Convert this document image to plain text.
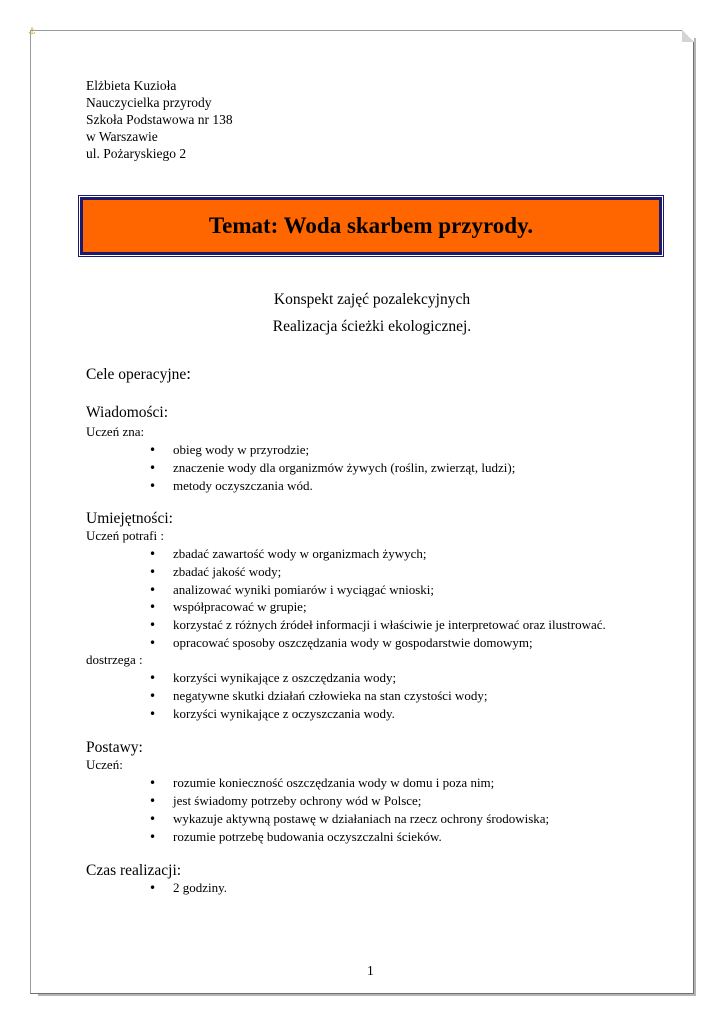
⚓
Elżbieta Kuzioła
Nauczycielka przyrody
Szkoła Podstawowa nr 138
w Warszawie
ul. Pożaryskiego 2
Temat: Woda skarbem przyrody.
Konspekt zajęć pozalekcyjnych
Realizacja ścieżki ekologicznej.
Cele operacyjne:
Wiadomości:
Uczeń zna:
• obieg wody w przyrodzie;
• znaczenie wody dla organizmów żywych (roślin, zwierząt, ludzi);
• metody oczyszczania wód.
Umiejętności:
Uczeń potrafi :
• zbadać zawartość wody w organizmach żywych;
• zbadać jakość wody;
• analizować wyniki pomiarów i wyciągać wnioski;
• współpracować w grupie;
• korzystać z różnych źródeł informacji i właściwie je interpretować oraz ilustrować.
• opracować sposoby oszczędzania wody w gospodarstwie domowym;
dostrzega :
• korzyści wynikające z oszczędzania wody;
• negatywne skutki działań człowieka na stan czystości wody;
• korzyści wynikające z oczyszczania wody.
Postawy:
Uczeń:
• rozumie konieczność oszczędzania wody w domu i poza nim;
• jest świadomy potrzeby ochrony wód w Polsce;
• wykazuje aktywną postawę w działaniach na rzecz ochrony środowiska;
• rozumie potrzebę budowania oczyszczalni ścieków.
Czas realizacji:
• 2 godziny.
1
